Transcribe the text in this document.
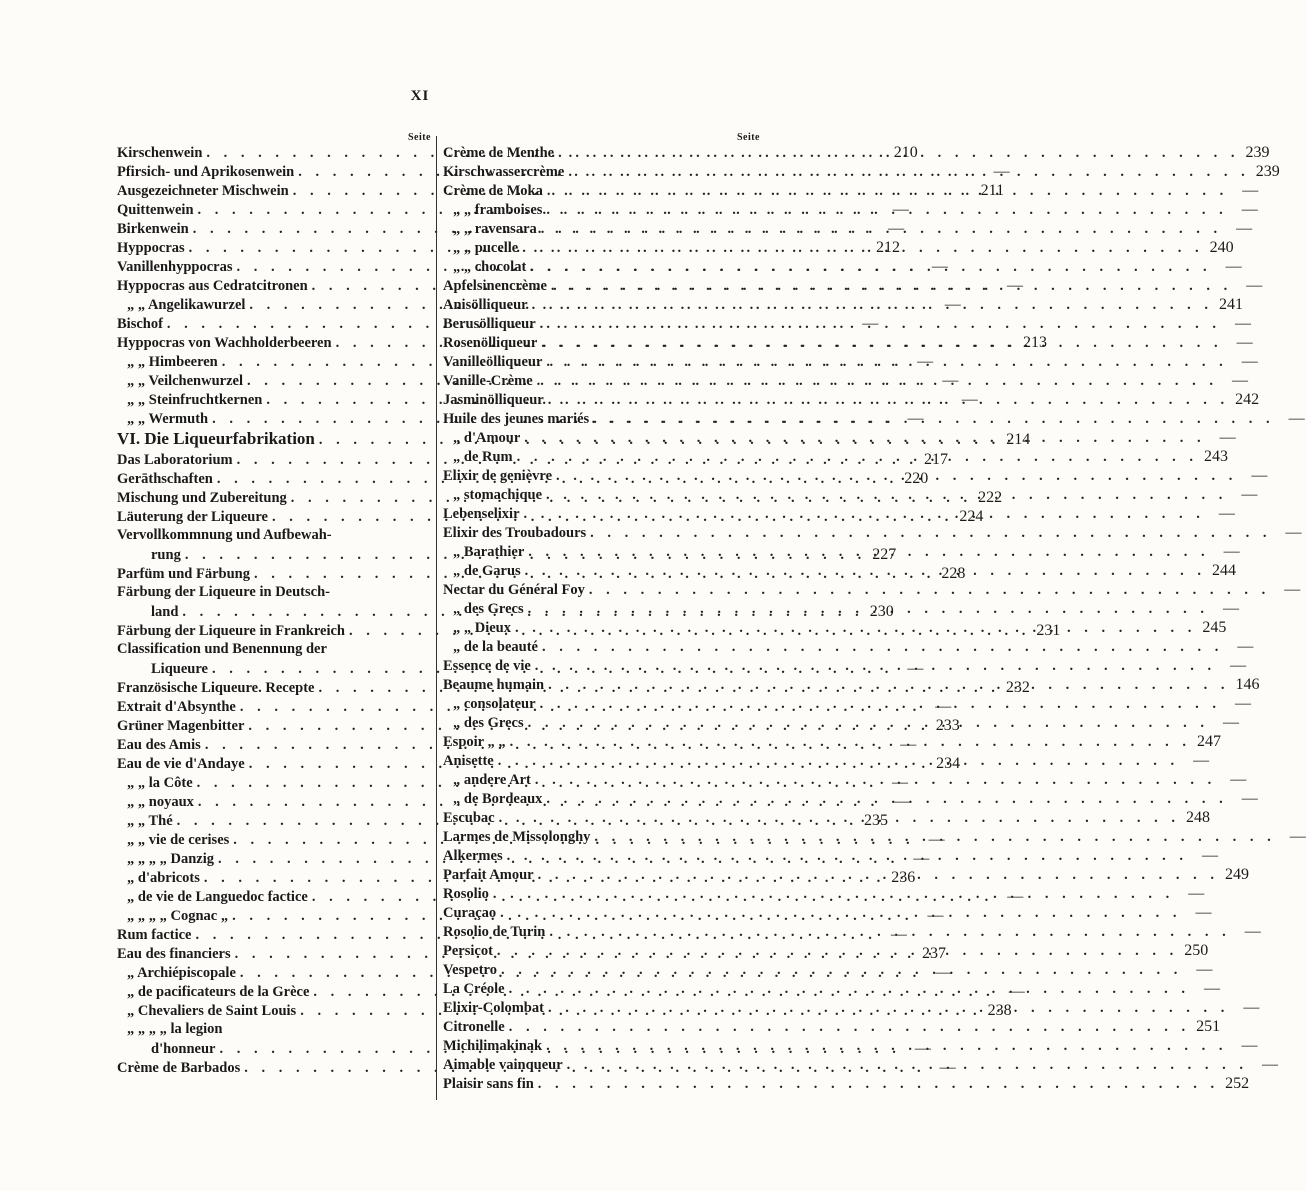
XI
Seite
Kirschenwein . . .	210
Pfirsich- und Aprikosenwein . . .	—
Ausgezeichneter Mischwein . . .	211
Quittenwein . . .	—
Birkenwein . . .	—
Hyppocras . . .	212
Vanillenhyppocras . . .	—
Hyppocras aus Cedratcitronen . . .	—
„ „ Angelikawurzel . . .	—
Bischof . . .	—
Hyppocras von Wachholderbeeren . . .	213
„ „ Himbeeren . . .	—
„ „ Veilchenwurzel . . .	—
„ „ Steinfruchtkernen . . .	—
„ „ Wermuth . . .	—
VI. Die Liqueurfabrikation . . .	214
Das Laboratorium . . .	217
Gerāthschaften . . .	220
Mischung und Zubereitung . . .	222
Läuterung der Liqueure . . .	224
Vervollkommnung und Aufbewah-
rung . . .	227
Parfüm und Färbung . . .	228
Färbung der Liqueure in Deutsch-
land . . .	230
Färbung der Liqueure in Frankreich . . .	231
Classification und Benennung der
Liqueure . . .	—
Französische Liqueure. Recepte . . .	232
Extrait d'Absynthe . . .	—
Grüner Magenbitter . . .	233
Eau des Amis . . .	—
Eau de vie d'Andaye . . .	234
„ „ la Côte . . .	—
„ „ noyaux . . .	—
„ „ Thé . . .	235
„ „ vie de cerises . . .	—
„ „ „ „ Danzig . . .	—
„ d'abricots . . .	236
„ de vie de Languedoc factice . . .	—
„ „ „ „ Cognac „ . . .	—
Rum factice . . .	—
Eau des financiers . . .	237
„ Archiépiscopale . . .	—
„ de pacificateurs de la Grèce . . .	—
„ Chevaliers de Saint Louis . . .	238
„ „ „ „ la legion
d'honneur . . .	—
Crème de Barbados . . .	—
Seite
Crème de Menthe . . .	239
Kirschwassercrème . . .	239
Crème de Moka . . .	—
„ „ framboises . . .	—
„ „ ravensara . . .	—
„ „ pucelle . . .	240
„ „ chocolat . . .	—
Apfelsinencrème . . .	—
Anisölliqueur . . .	241
Berusölliqueur . . .	—
Rosenölliqueur . . .	—
Vanilleölliqueur . . .	—
Vanille-Crème . . .	—
Jasminölliqueur . . .	242
Huile des jeunes mariés . . .	—
„ d'Amour . . .	—
„ de Rum . . .	243
Elixir de genièvre . . .	—
„ stomachique . . .	—
Lebenselixir . . .	—
Elixir des Troubadours . . .	—
„ Barathier . . .	—
„ de Garus . . .	244
Nectar du Général Foy . . .	—
„ des Grecs . . .	—
„ „ Dieux . . .	245
„ de la beauté . . .	—
Essence de vie . . .	—
Beaume humain . . .	146
„ consolateur . . .	—
„ des Grecs . . .	—
Espoir „ „ . . .	247
Anisette . . .	—
„ andere Art . . .	—
„ de Bordeaux . . .	—
Escubac . . .	248
Larmes de Missolonghy . . .	—
Alkermes . . .	—
Parfait Amour . . .	249
Rosolio . . .	—
Curaçao . . .	—
Rosolio de Turin . . .	—
Persicot . . .	250
Vespetro . . .	—
La Créole . . .	—
Elixir-Colombat . . .	—
Citronelle . . .	251
Michilimakinak . . .	—
Aimable vainqueur . . .	—
Plaisir sans fin . . .	252
